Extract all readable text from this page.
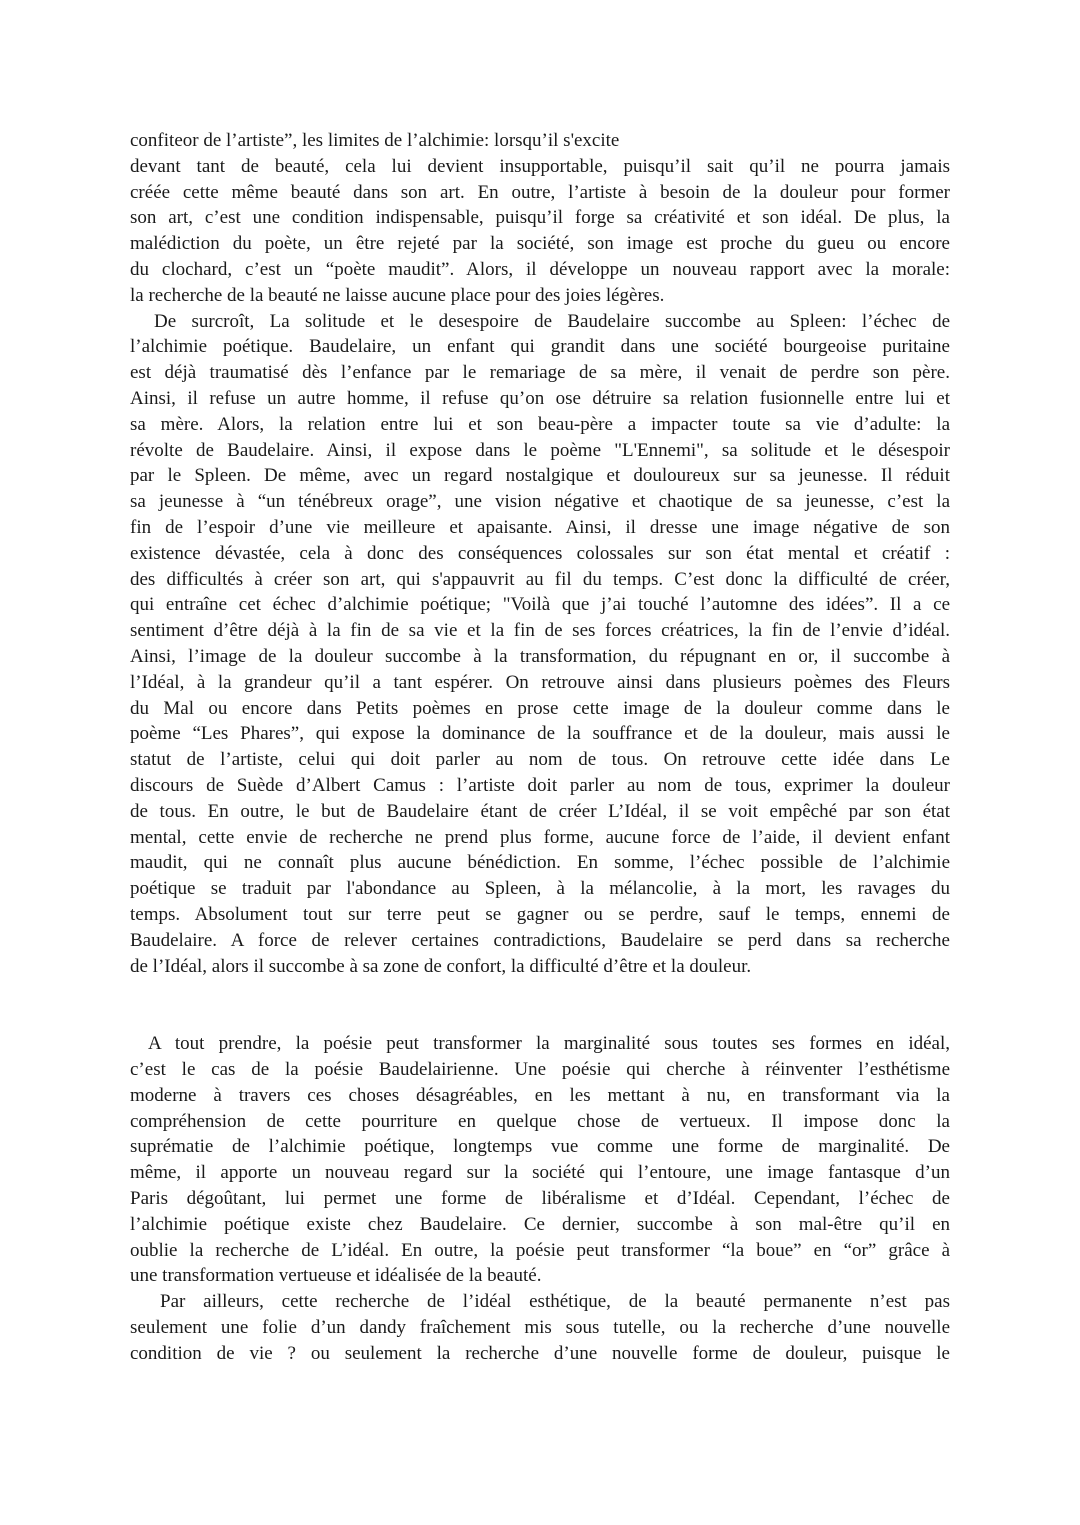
confiteor de l’artiste”, les limites de l’alchimie: lorsqu’il s'excite
devant tant de beauté, cela lui devient insupportable, puisqu’il sait qu’il ne pourra jamais
créée cette même beauté dans son art. En outre, l’artiste à besoin de la douleur pour former
son art, c’est une condition indispensable, puisqu’il forge sa créativité et son idéal. De plus, la
malédiction du poète, un être rejeté par la société, son image est proche du gueu ou encore
du clochard, c’est un “poète maudit”. Alors, il développe un nouveau rapport avec la morale:
la recherche de la beauté ne laisse aucune place pour des joies légères.
De surcroît, La solitude et le desespoire de Baudelaire succombe au Spleen: l’échec de
l’alchimie poétique. Baudelaire, un enfant qui grandit dans une société bourgeoise puritaine
est déjà traumatisé dès l’enfance par le remariage de sa mère, il venait de perdre son père.
Ainsi, il refuse un autre homme, il refuse qu’on ose détruire sa relation fusionnelle entre lui et
sa mère. Alors, la relation entre lui et son beau-père a impacter toute sa vie d’adulte: la
révolte de Baudelaire. Ainsi, il expose dans le poème "L'Ennemi", sa solitude et le désespoir
par le Spleen. De même, avec un regard nostalgique et douloureux sur sa jeunesse. Il réduit
sa jeunesse à “un ténébreux orage”, une vision négative et chaotique de sa jeunesse, c’est la
fin de l’espoir d’une vie meilleure et apaisante. Ainsi, il dresse une image négative de son
existence dévastée, cela à donc des conséquences colossales sur son état mental et créatif :
des difficultés à créer son art, qui s'appauvrit au fil du temps. C’est donc la difficulté de créer,
qui entraîne cet échec d’alchimie poétique; "Voilà que j’ai touché l’automne des idées”. Il a ce
sentiment d’être déjà à la fin de sa vie et la fin de ses forces créatrices, la fin de l’envie d’idéal.
Ainsi, l’image de la douleur succombe à la transformation, du répugnant en or, il succombe à
l’Idéal, à la grandeur qu’il a tant espérer. On retrouve ainsi dans plusieurs poèmes des Fleurs
du Mal ou encore dans Petits poèmes en prose cette image de la douleur comme dans le
poème “Les Phares”, qui expose la dominance de la souffrance et de la douleur, mais aussi le
statut de l’artiste, celui qui doit parler au nom de tous. On retrouve cette idée dans Le
discours de Suède d’Albert Camus : l’artiste doit parler au nom de tous, exprimer la douleur
de tous. En outre, le but de Baudelaire étant de créer L’Idéal, il se voit empêché par son état
mental, cette envie de recherche ne prend plus forme, aucune force de l’aide, il devient enfant
maudit, qui ne connaît plus aucune bénédiction. En somme, l’échec possible de l’alchimie
poétique se traduit par l'abondance au Spleen, à la mélancolie, à la mort, les ravages du
temps. Absolument tout sur terre peut se gagner ou se perdre, sauf le temps, ennemi de
Baudelaire. A force de relever certaines contradictions, Baudelaire se perd dans sa recherche
de l’Idéal, alors il succombe à sa zone de confort, la difficulté d’être et la douleur.
A tout prendre, la poésie peut transformer la marginalité sous toutes ses formes en idéal,
c’est le cas de la poésie Baudelairienne. Une poésie qui cherche à réinventer l’esthétisme
moderne à travers ces choses désagréables, en les mettant à nu, en transformant via la
compréhension de cette pourriture en quelque chose de vertueux. Il impose donc la
suprématie de l’alchimie poétique, longtemps vue comme une forme de marginalité. De
même, il apporte un nouveau regard sur la société qui l’entoure, une image fantasque d’un
Paris dégoûtant, lui permet une forme de libéralisme et d’Idéal. Cependant, l’échec de
l’alchimie poétique existe chez Baudelaire. Ce dernier, succombe à son mal-être qu’il en
oublie la recherche de L’idéal. En outre, la poésie peut transformer “la boue” en “or” grâce à
une transformation vertueuse et idéalisée de la beauté.
Par ailleurs, cette recherche de l’idéal esthétique, de la beauté permanente n’est pas
seulement une folie d’un dandy fraîchement mis sous tutelle, ou la recherche d’une nouvelle
condition de vie ? ou seulement la recherche d’une nouvelle forme de douleur, puisque le
